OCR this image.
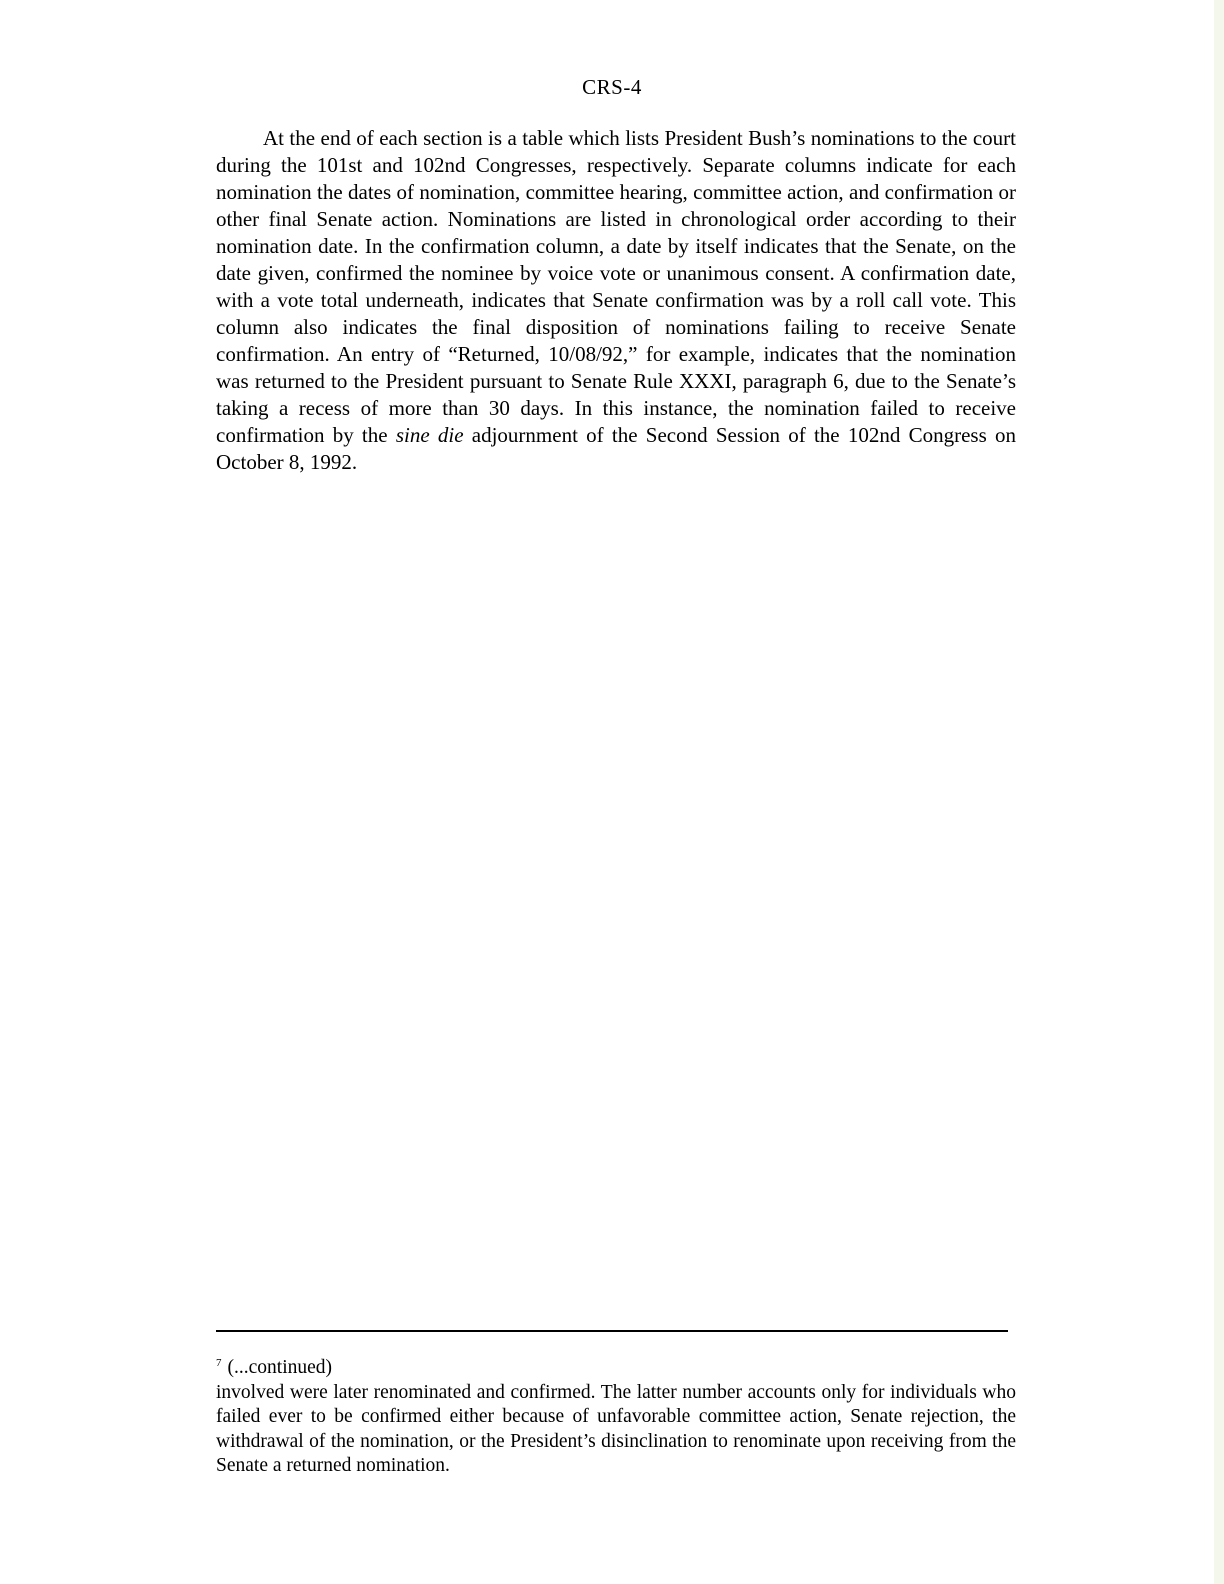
CRS-4

At the end of each section is a table which lists President Bush’s nominations to the court during the 101st and 102nd Congresses, respectively. Separate columns indicate for each nomination the dates of nomination, committee hearing, committee action, and confirmation or other final Senate action. Nominations are listed in chronological order according to their nomination date. In the confirmation column, a date by itself indicates that the Senate, on the date given, confirmed the nominee by voice vote or unanimous consent. A confirmation date, with a vote total underneath, indicates that Senate confirmation was by a roll call vote. This column also indicates the final disposition of nominations failing to receive Senate confirmation. An entry of “Returned, 10/08/92,” for example, indicates that the nomination was returned to the President pursuant to Senate Rule XXXI, paragraph 6, due to the Senate’s taking a recess of more than 30 days. In this instance, the nomination failed to receive confirmation by the sine die adjournment of the Second Session of the 102nd Congress on October 8, 1992.

$^7$ (...continued)

involved were later renominated and confirmed. The latter number accounts only for individuals who failed ever to be confirmed either because of unfavorable committee action, Senate rejection, the withdrawal of the nomination, or the President’s disinclination to renominate upon receiving from the Senate a returned nomination.
